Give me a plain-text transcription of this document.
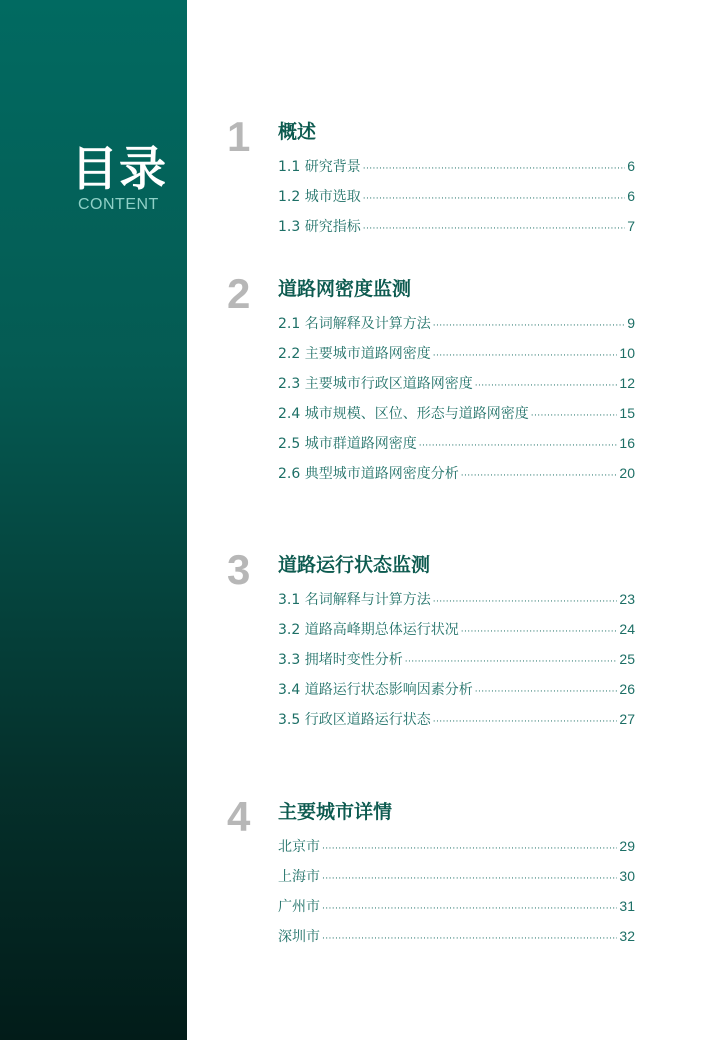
目录
CONTENT
1	概述
1.1 研究背景 ·····	6
1.2 城市选取 ·····	6
1.3 研究指标 ·····	7
2	道路网密度监测
2.1 名词解释及计算方法 ·····	9
2.2 主要城市道路网密度 ·····	10
2.3 主要城市行政区道路网密度 ·····	12
2.4 城市规模、区位、形态与道路网密度 ·····	15
2.5 城市群道路网密度 ·····	16
2.6 典型城市道路网密度分析 ·····	20
3	道路运行状态监测
3.1 名词解释与计算方法 ·····	23
3.2 道路高峰期总体运行状况 ·····	24
3.3 拥堵时变性分析 ·····	25
3.4 道路运行状态影响因素分析 ·····	26
3.5 行政区道路运行状态 ·····	27
4	主要城市详情
北京市 ·····	29
上海市 ·····	30
广州市 ·····	31
深圳市 ·····	32
